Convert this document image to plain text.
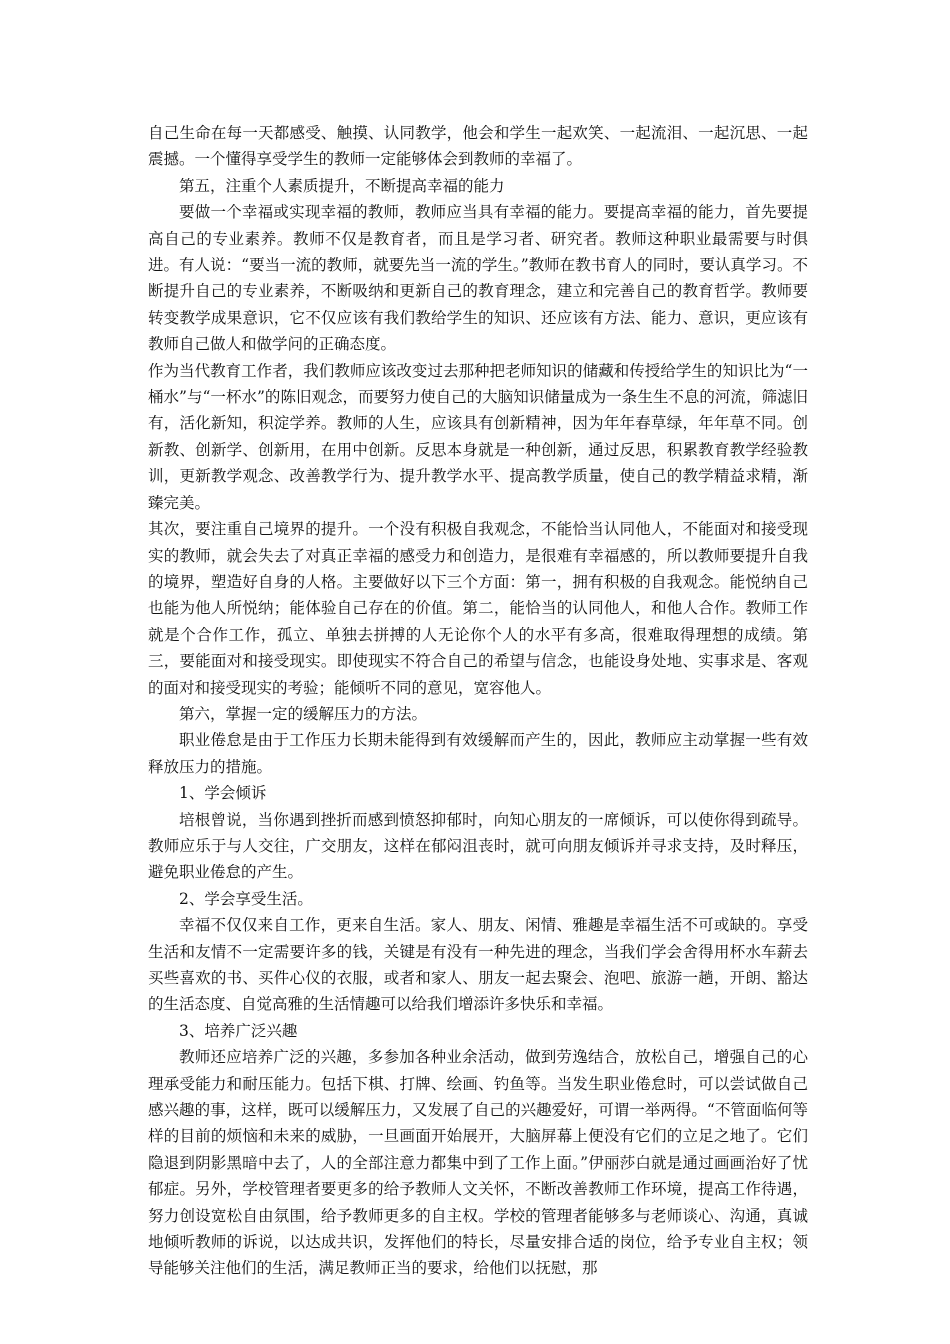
自己生命在每一天都感受、触摸、认同教学，他会和学生一起欢笑、一起流泪、一起沉思、一起震撼。一个懂得享受学生的教师一定能够体会到教师的幸福了。

第五，注重个人素质提升，不断提高幸福的能力

要做一个幸福或实现幸福的教师，教师应当具有幸福的能力。要提高幸福的能力，首先要提高自己的专业素养。教师不仅是教育者，而且是学习者、研究者。教师这种职业最需要与时俱进。有人说：“要当一流的教师，就要先当一流的学生。”教师在教书育人的同时，要认真学习。不断提升自己的专业素养，不断吸纳和更新自己的教育理念，建立和完善自己的教育哲学。教师要转变教学成果意识，它不仅应该有我们教给学生的知识、还应该有方法、能力、意识，更应该有教师自己做人和做学问的正确态度。

作为当代教育工作者，我们教师应该改变过去那种把老师知识的储藏和传授给学生的知识比为“一桶水”与“一杯水”的陈旧观念，而要努力使自己的大脑知识储量成为一条生生不息的河流，筛滤旧有，活化新知，积淀学养。教师的人生，应该具有创新精神，因为年年春草绿，年年草不同。创新教、创新学、创新用，在用中创新。反思本身就是一种创新，通过反思，积累教育教学经验教训，更新教学观念、改善教学行为、提升教学水平、提高教学质量，使自己的教学精益求精，渐臻完美。

其次，要注重自己境界的提升。一个没有积极自我观念，不能恰当认同他人，不能面对和接受现实的教师，就会失去了对真正幸福的感受力和创造力，是很难有幸福感的，所以教师要提升自我的境界，塑造好自身的人格。主要做好以下三个方面：第一，拥有积极的自我观念。能悦纳自己也能为他人所悦纳；能体验自己存在的价值。第二，能恰当的认同他人，和他人合作。教师工作就是个合作工作，孤立、单独去拼搏的人无论你个人的水平有多高，很难取得理想的成绩。第三，要能面对和接受现实。即使现实不符合自己的希望与信念，也能设身处地、实事求是、客观的面对和接受现实的考验；能倾听不同的意见，宽容他人。

第六，掌握一定的缓解压力的方法。

职业倦怠是由于工作压力长期未能得到有效缓解而产生的，因此，教师应主动掌握一些有效释放压力的措施。

1、学会倾诉

培根曾说，当你遇到挫折而感到愤怒抑郁时，向知心朋友的一席倾诉，可以使你得到疏导。教师应乐于与人交往，广交朋友，这样在郁闷沮丧时，就可向朋友倾诉并寻求支持，及时释压，避免职业倦怠的产生。

2、学会享受生活。

幸福不仅仅来自工作，更来自生活。家人、朋友、闲情、雅趣是幸福生活不可或缺的。享受生活和友情不一定需要许多的钱，关键是有没有一种先进的理念，当我们学会舍得用杯水车薪去买些喜欢的书、买件心仪的衣服，或者和家人、朋友一起去聚会、泡吧、旅游一趟，开朗、豁达的生活态度、自觉高雅的生活情趣可以给我们增添许多快乐和幸福。

3、培养广泛兴趣

教师还应培养广泛的兴趣，多参加各种业余活动，做到劳逸结合，放松自己，增强自己的心理承受能力和耐压能力。包括下棋、打牌、绘画、钓鱼等。当发生职业倦怠时，可以尝试做自己感兴趣的事，这样，既可以缓解压力，又发展了自己的兴趣爱好，可谓一举两得。“不管面临何等样的目前的烦恼和未来的威胁，一旦画面开始展开，大脑屏幕上便没有它们的立足之地了。它们隐退到阴影黑暗中去了，人的全部注意力都集中到了工作上面。”伊丽莎白就是通过画画治好了忧郁症。另外，学校管理者要更多的给予教师人文关怀，不断改善教师工作环境，提高工作待遇，努力创设宽松自由氛围，给予教师更多的自主权。学校的管理者能够多与老师谈心、沟通，真诚地倾听教师的诉说，以达成共识，发挥他们的特长，尽量安排合适的岗位，给予专业自主权；领导能够关注他们的生活，满足教师正当的要求，给他们以抚慰，那
